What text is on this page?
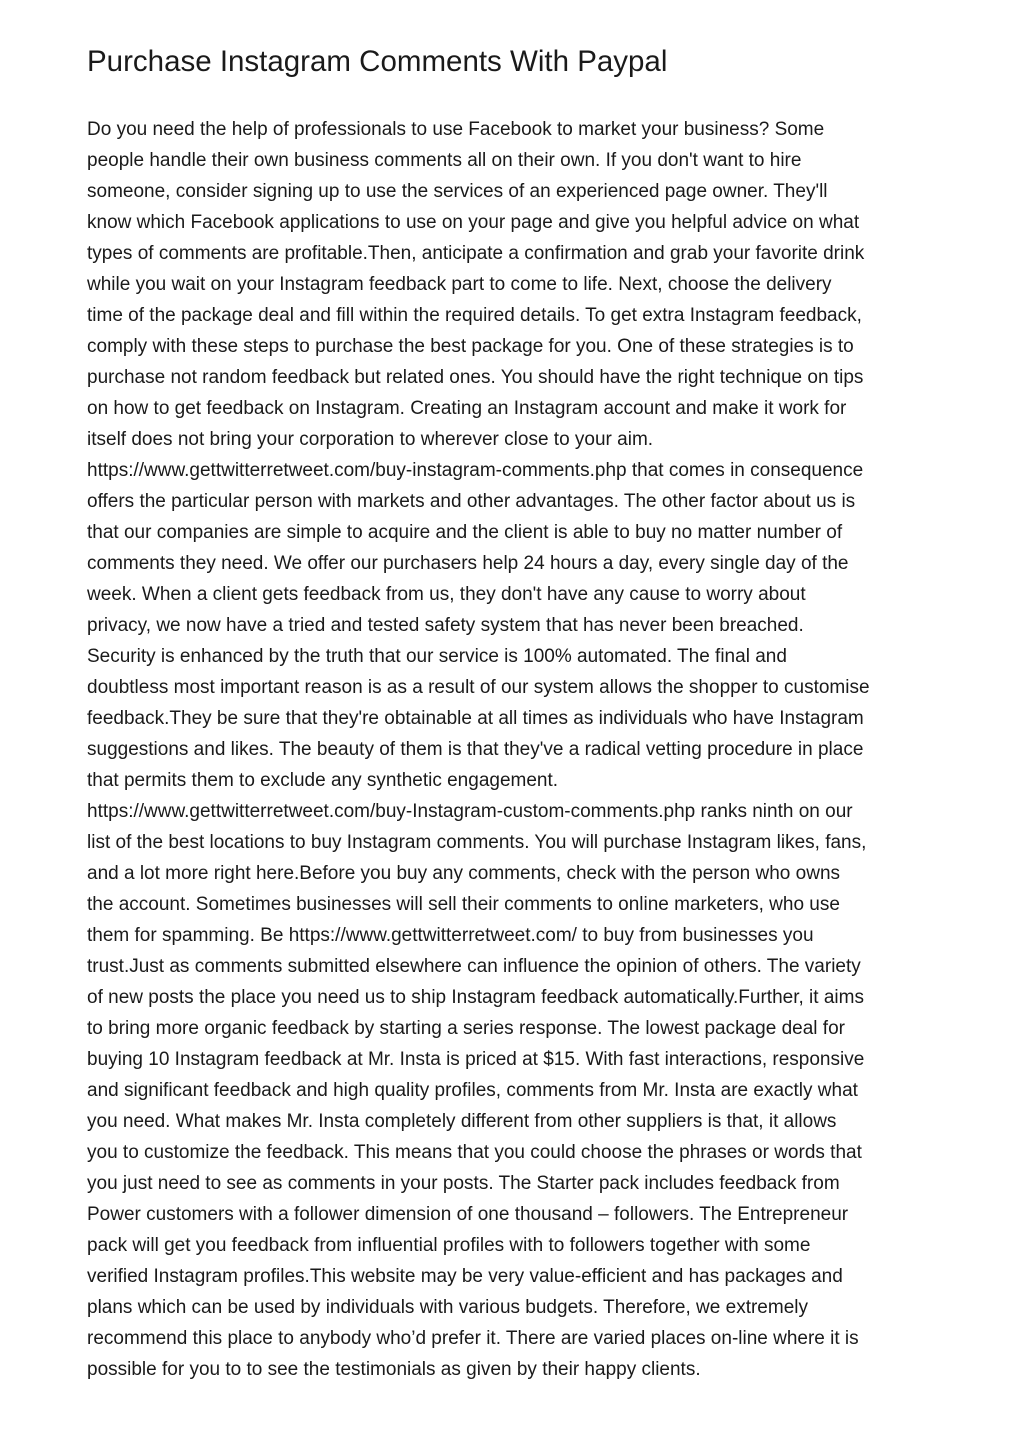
Purchase Instagram Comments With Paypal
Do you need the help of professionals to use Facebook to market your business? Some
people handle their own business comments all on their own. If you don't want to hire
someone, consider signing up to use the services of an experienced page owner. They'll
know which Facebook applications to use on your page and give you helpful advice on what
types of comments are profitable.Then, anticipate a confirmation and grab your favorite drink
while you wait on your Instagram feedback part to come to life. Next, choose the delivery
time of the package deal and fill within the required details. To get extra Instagram feedback,
comply with these steps to purchase the best package for you. One of these strategies is to
purchase not random feedback but related ones. You should have the right technique on tips
on how to get feedback on Instagram. Creating an Instagram account and make it work for
itself does not bring your corporation to wherever close to your aim.
https://www.gettwitterretweet.com/buy-instagram-comments.php that comes in consequence
offers the particular person with markets and other advantages. The other factor about us is
that our companies are simple to acquire and the client is able to buy no matter number of
comments they need. We offer our purchasers help 24 hours a day, every single day of the
week. When a client gets feedback from us, they don't have any cause to worry about
privacy, we now have a tried and tested safety system that has never been breached.
Security is enhanced by the truth that our service is 100% automated. The final and
doubtless most important reason is as a result of our system allows the shopper to customise
feedback.They be sure that they're obtainable at all times as individuals who have Instagram
suggestions and likes. The beauty of them is that they've a radical vetting procedure in place
that permits them to exclude any synthetic engagement.
https://www.gettwitterretweet.com/buy-Instagram-custom-comments.php ranks ninth on our
list of the best locations to buy Instagram comments. You will purchase Instagram likes, fans,
and a lot more right here.Before you buy any comments, check with the person who owns
the account. Sometimes businesses will sell their comments to online marketers, who use
them for spamming. Be https://www.gettwitterretweet.com/ to buy from businesses you
trust.Just as comments submitted elsewhere can influence the opinion of others. The variety
of new posts the place you need us to ship Instagram feedback automatically.Further, it aims
to bring more organic feedback by starting a series response. The lowest package deal for
buying 10 Instagram feedback at Mr. Insta is priced at $15. With fast interactions, responsive
and significant feedback and high quality profiles, comments from Mr. Insta are exactly what
you need. What makes Mr. Insta completely different from other suppliers is that, it allows
you to customize the feedback. This means that you could choose the phrases or words that
you just need to see as comments in your posts. The Starter pack includes feedback from
Power customers with a follower dimension of one thousand – followers. The Entrepreneur
pack will get you feedback from influential profiles with to followers together with some
verified Instagram profiles.This website may be very value-efficient and has packages and
plans which can be used by individuals with various budgets. Therefore, we extremely
recommend this place to anybody who’d prefer it. There are varied places on-line where it is
possible for you to to see the testimonials as given by their happy clients.
